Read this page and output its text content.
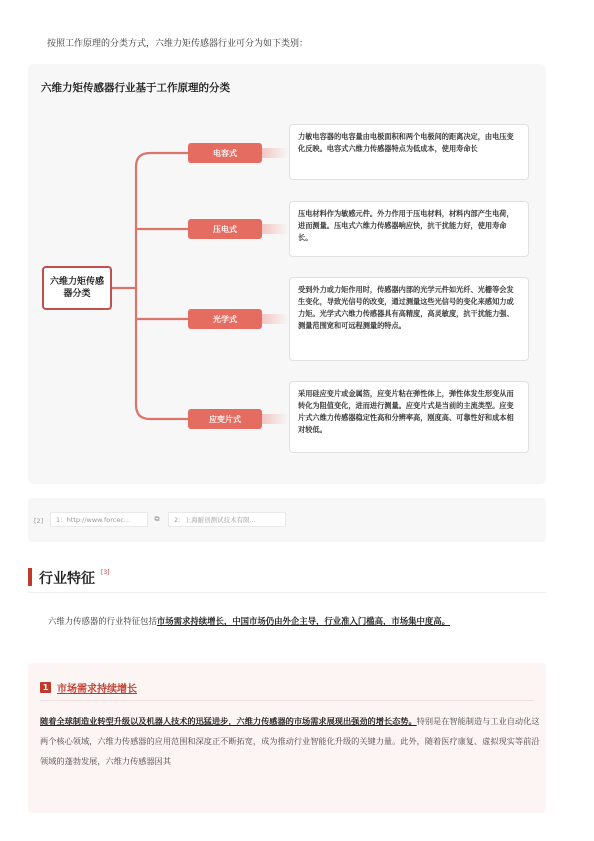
按照工作原理的分类方式，六维力矩传感器行业可分为如下类别：
六维力矩传感器行业基于工作原理的分类
六维力矩传感器分类
电容式
力敏电容器的电容量由电极面积和两个电极间的距离决定，由电压变化反映。电容式六维力传感器特点为低成本，使用寿命长
压电式
压电材料作为敏感元件。外力作用于压电材料，材料内部产生电荷，进而测量。压电式六维力传感器响应快，抗干扰能力好，使用寿命长。
光学式
受到外力或力矩作用时，传感器内部的光学元件如光纤、光栅等会发生变化，导致光信号的改变，通过测量这些光信号的变化来感知力或力矩。光学式六维力传感器具有高精度，高灵敏度，抗干扰能力强、测量范围宽和可远程测量的特点。
应变片式
采用硅应变片或金属箔，应变片粘在弹性体上，弹性体发生形变从而转化为阻值变化，进而进行测量。应变片式是当前的主流类型。应变片式六维力传感器稳定性高和分辨率高，刚度高、可靠性好和成本相对较低。
[2]	1：http://www.forcec...	⧉	2：上海耐创测试技术有限...
行业特征 [3]
六维力传感器的行业特征包括市场需求持续增长，中国市场仍由外企主导，行业准入门槛高，市场集中度高。
1 市场需求持续增长
随着全球制造业转型升级以及机器人技术的迅猛进步，六维力传感器的市场需求展现出强劲的增长态势。特别是在智能制造与工业自动化这两个核心领域，六维力传感器的应用范围和深度正不断拓宽，成为推动行业智能化升级的关键力量。此外，随着医疗康复、虚拟现实等前沿领域的蓬勃发展，六维力传感器因其
